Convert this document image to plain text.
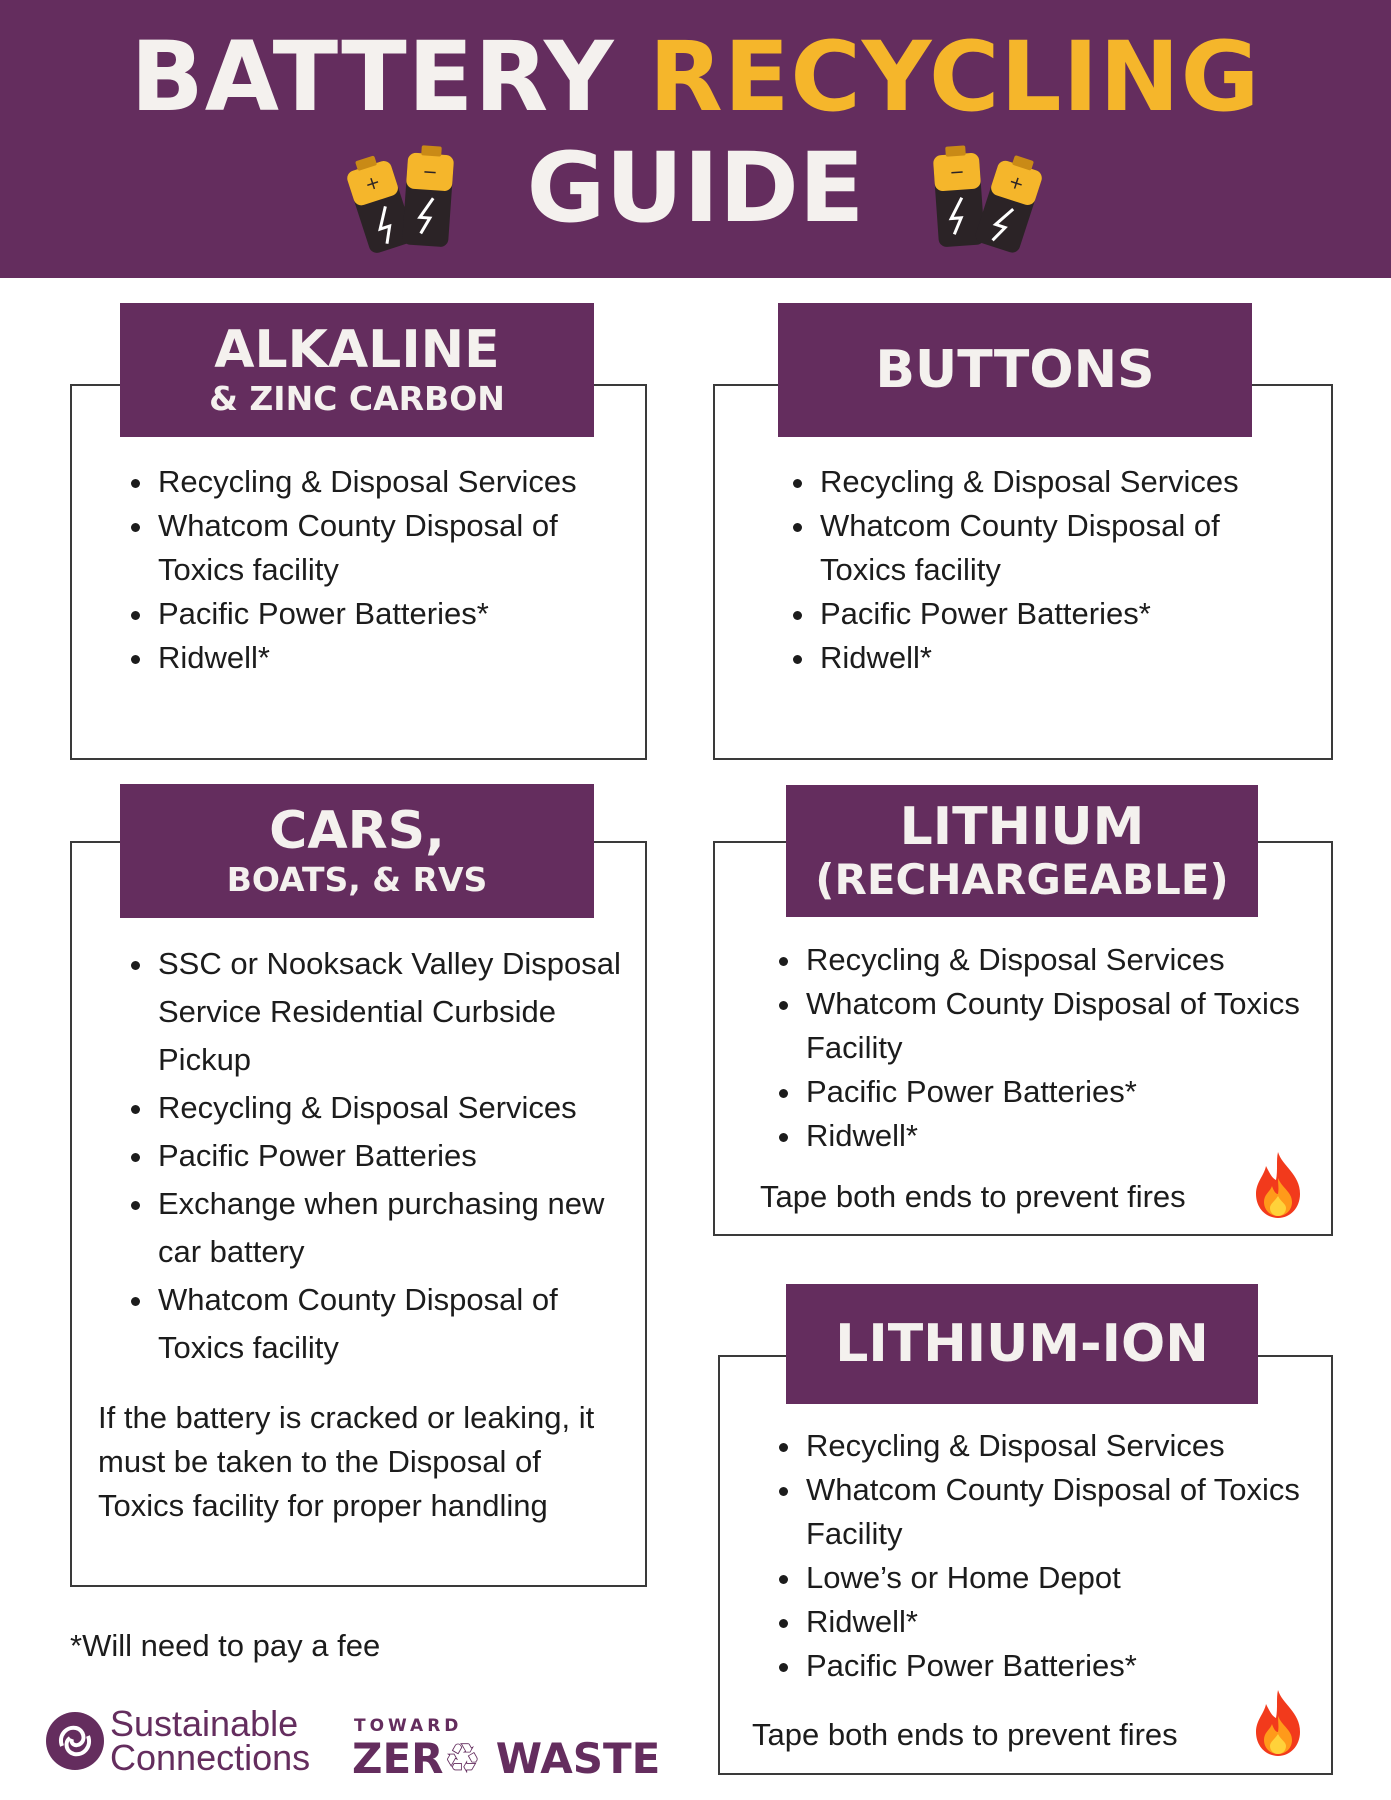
BATTERY RECYCLING
GUIDE
+ −	− +
ALKALINE
& ZINC CARBON
• Recycling & Disposal Services
• Whatcom County Disposal of Toxics facility
• Pacific Power Batteries*
• Ridwell*
BUTTONS
• Recycling & Disposal Services
• Whatcom County Disposal of Toxics facility
• Pacific Power Batteries*
• Ridwell*
CARS,
BOATS, & RVS
• SSC or Nooksack Valley Disposal Service Residential Curbside Pickup
• Recycling & Disposal Services
• Pacific Power Batteries
• Exchange when purchasing new car battery
• Whatcom County Disposal of Toxics facility
If the battery is cracked or leaking, it must be taken to the Disposal of Toxics facility for proper handling
LITHIUM
(RECHARGEABLE)
• Recycling & Disposal Services
• Whatcom County Disposal of Toxics Facility
• Pacific Power Batteries*
• Ridwell*
Tape both ends to prevent fires
LITHIUM-ION
• Recycling & Disposal Services
• Whatcom County Disposal of Toxics Facility
• Lowe’s or Home Depot
• Ridwell*
• Pacific Power Batteries*
Tape both ends to prevent fires
*Will need to pay a fee
Sustainable
Connections
TOWARD
ZER♲ WASTE
